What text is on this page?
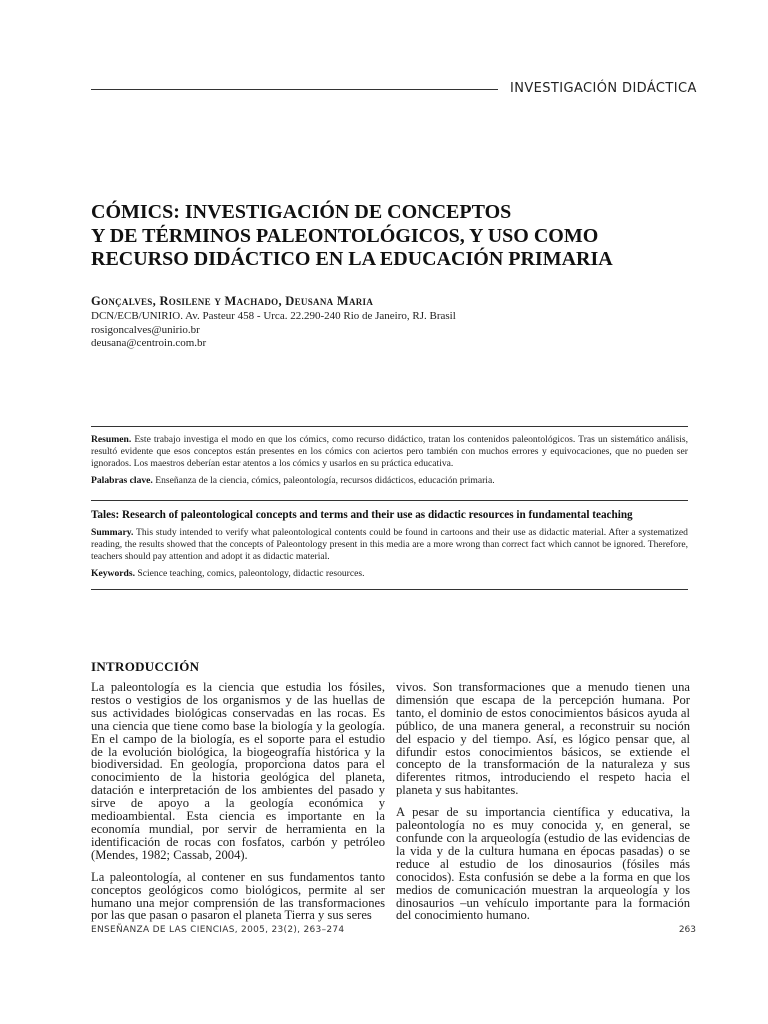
INVESTIGACIÓN DIDÁCTICA
CÓMICS: INVESTIGACIÓN DE CONCEPTOS
Y DE TÉRMINOS PALEONTOLÓGICOS, Y USO COMO
RECURSO DIDÁCTICO EN LA EDUCACIÓN PRIMARIA
Gonçalves, Rosilene y Machado, Deusana Maria
DCN/ECB/UNIRIO. Av. Pasteur 458 - Urca. 22.290-240 Rio de Janeiro, RJ. Brasil
rosigoncalves@unirio.br
deusana@centroin.com.br

Resumen. Este trabajo investiga el modo en que los cómics, como recurso didáctico, tratan los contenidos paleontológicos. Tras un sistemático análisis, resultó evidente que esos conceptos están presentes en los cómics con aciertos pero también con muchos errores y equivocaciones, que no pueden ser ignorados. Los maestros deberían estar atentos a los cómics y usarlos en su práctica educativa.

Palabras clave. Enseñanza de la ciencia, cómics, paleontología, recursos didácticos, educación primaria.

Tales: Research of paleontological concepts and terms and their use as didactic resources in fundamental teaching

Summary. This study intended to verify what paleontological contents could be found in cartoons and their use as didactic material. After a systematized reading, the results showed that the concepts of Paleontology present in this media are a more wrong than correct fact which cannot be ignored. Therefore, teachers should pay attention and adopt it as didactic material.

Keywords. Science teaching, comics, paleontology, didactic resources.

INTRODUCCIÓN

La paleontología es la ciencia que estudia los fósiles, restos o vestigios de los organismos y de las huellas de sus actividades biológicas conservadas en las rocas. Es una ciencia que tiene como base la biología y la geología. En el campo de la biología, es el soporte para el estudio de la evolución biológica, la biogeografía histórica y la biodiversidad. En geología, proporciona datos para el conocimiento de la historia geológica del planeta, datación e interpretación de los ambientes del pasado y sirve de apoyo a la geología económica y medioambiental. Esta ciencia es importante en la economía mundial, por servir de herramienta en la identificación de rocas con fosfatos, carbón y petróleo (Mendes, 1982; Cassab, 2004).

La paleontología, al contener en sus fundamentos tanto conceptos geológicos como biológicos, permite al ser humano una mejor comprensión de las transformaciones por las que pasan o pasaron el planeta Tierra y sus seres

vivos. Son transformaciones que a menudo tienen una dimensión que escapa de la percepción humana. Por tanto, el dominio de estos conocimientos básicos ayuda al público, de una manera general, a reconstruir su noción del espacio y del tiempo. Así, es lógico pensar que, al difundir estos conocimientos básicos, se extiende el concepto de la transformación de la naturaleza y sus diferentes ritmos, introduciendo el respeto hacia el planeta y sus habitantes.

A pesar de su importancia científica y educativa, la paleontología no es muy conocida y, en general, se confunde con la arqueología (estudio de las evidencias de la vida y de la cultura humana en épocas pasadas) o se reduce al estudio de los dinosaurios (fósiles más conocidos). Esta confusión se debe a la forma en que los medios de comunicación muestran la arqueología y los dinosaurios –un vehículo importante para la formación del conocimiento humano.

ENSEÑANZA DE LAS CIENCIAS, 2005, 23(2), 263–274	263
